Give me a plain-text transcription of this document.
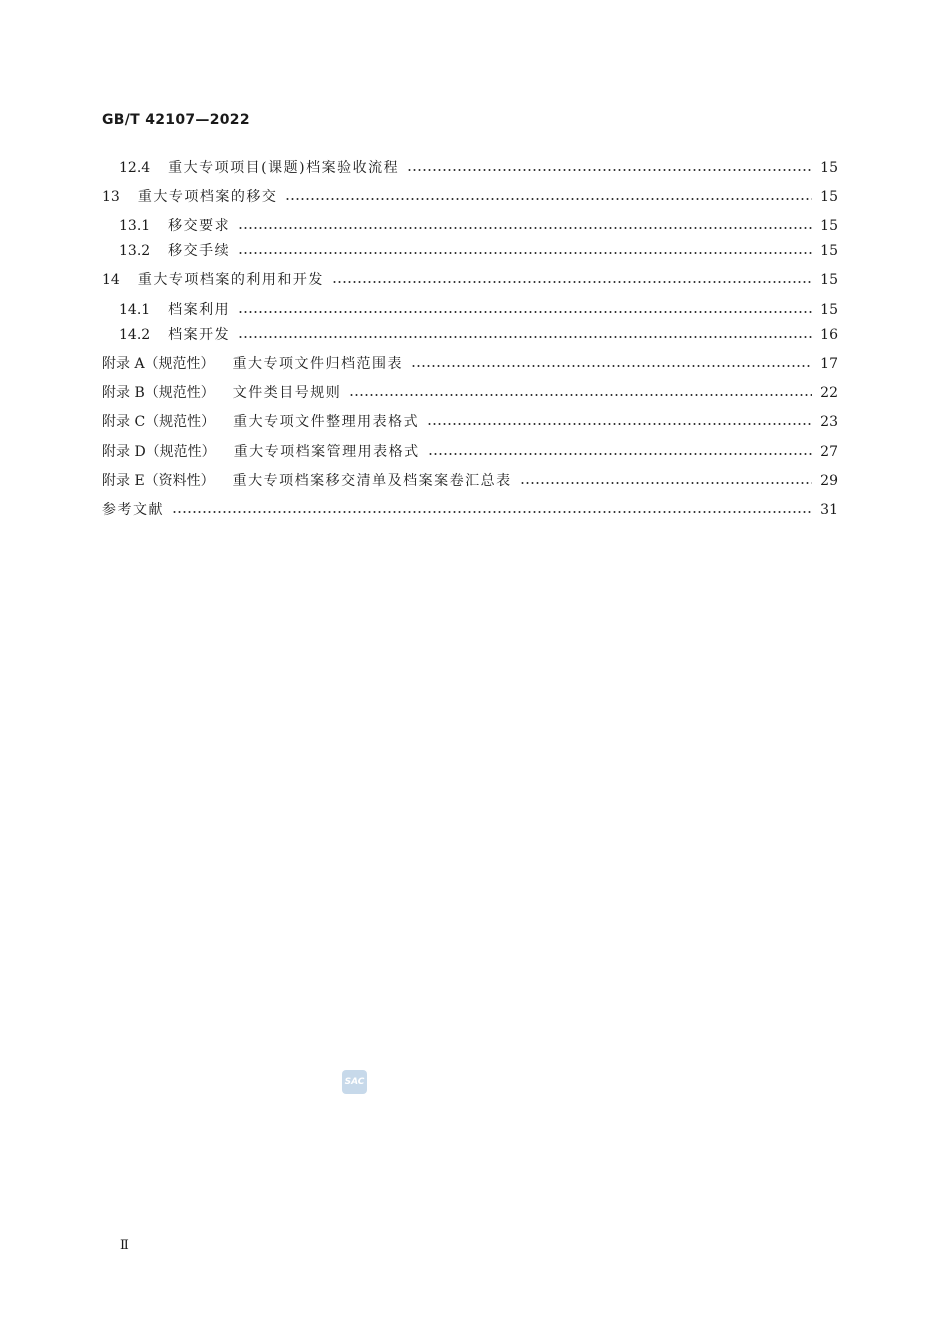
GB/T 42107—2022
12.4 重大专项项目(课题)档案验收流程	15
13 重大专项档案的移交	15
13.1 移交要求	15
13.2 移交手续	15
14 重大专项档案的利用和开发	15
14.1 档案利用	15
14.2 档案开发	16
附录 A（规范性） 重大专项文件归档范围表	17
附录 B（规范性） 文件类目号规则	22
附录 C（规范性） 重大专项文件整理用表格式	23
附录 D（规范性） 重大专项档案管理用表格式	27
附录 E（资料性） 重大专项档案移交清单及档案案卷汇总表	29
参考文献	31
SAC
Ⅱ
